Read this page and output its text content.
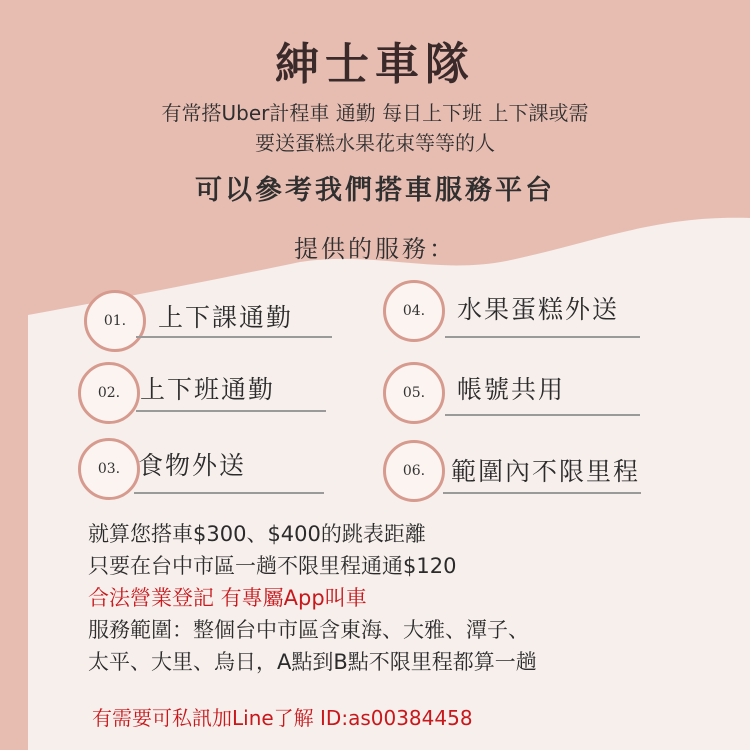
紳士車隊
有常搭Uber計程車 通勤 每日上下班 上下課或需
要送蛋糕水果花束等等的人
可以參考我們搭車服務平台
提供的服務：
01. 上下課通勤
02. 上下班通勤
03. 食物外送
04. 水果蛋糕外送
05. 帳號共用
06. 範圍內不限里程
就算您搭車$300、$400的跳表距離
只要在台中市區一趟不限里程通通$120
合法營業登記 有專屬App叫車
服務範圍：整個台中市區含東海、大雅、潭子、
太平、大里、烏日，A點到B點不限里程都算一趟
有需要可私訊加Line了解 ID:as00384458
